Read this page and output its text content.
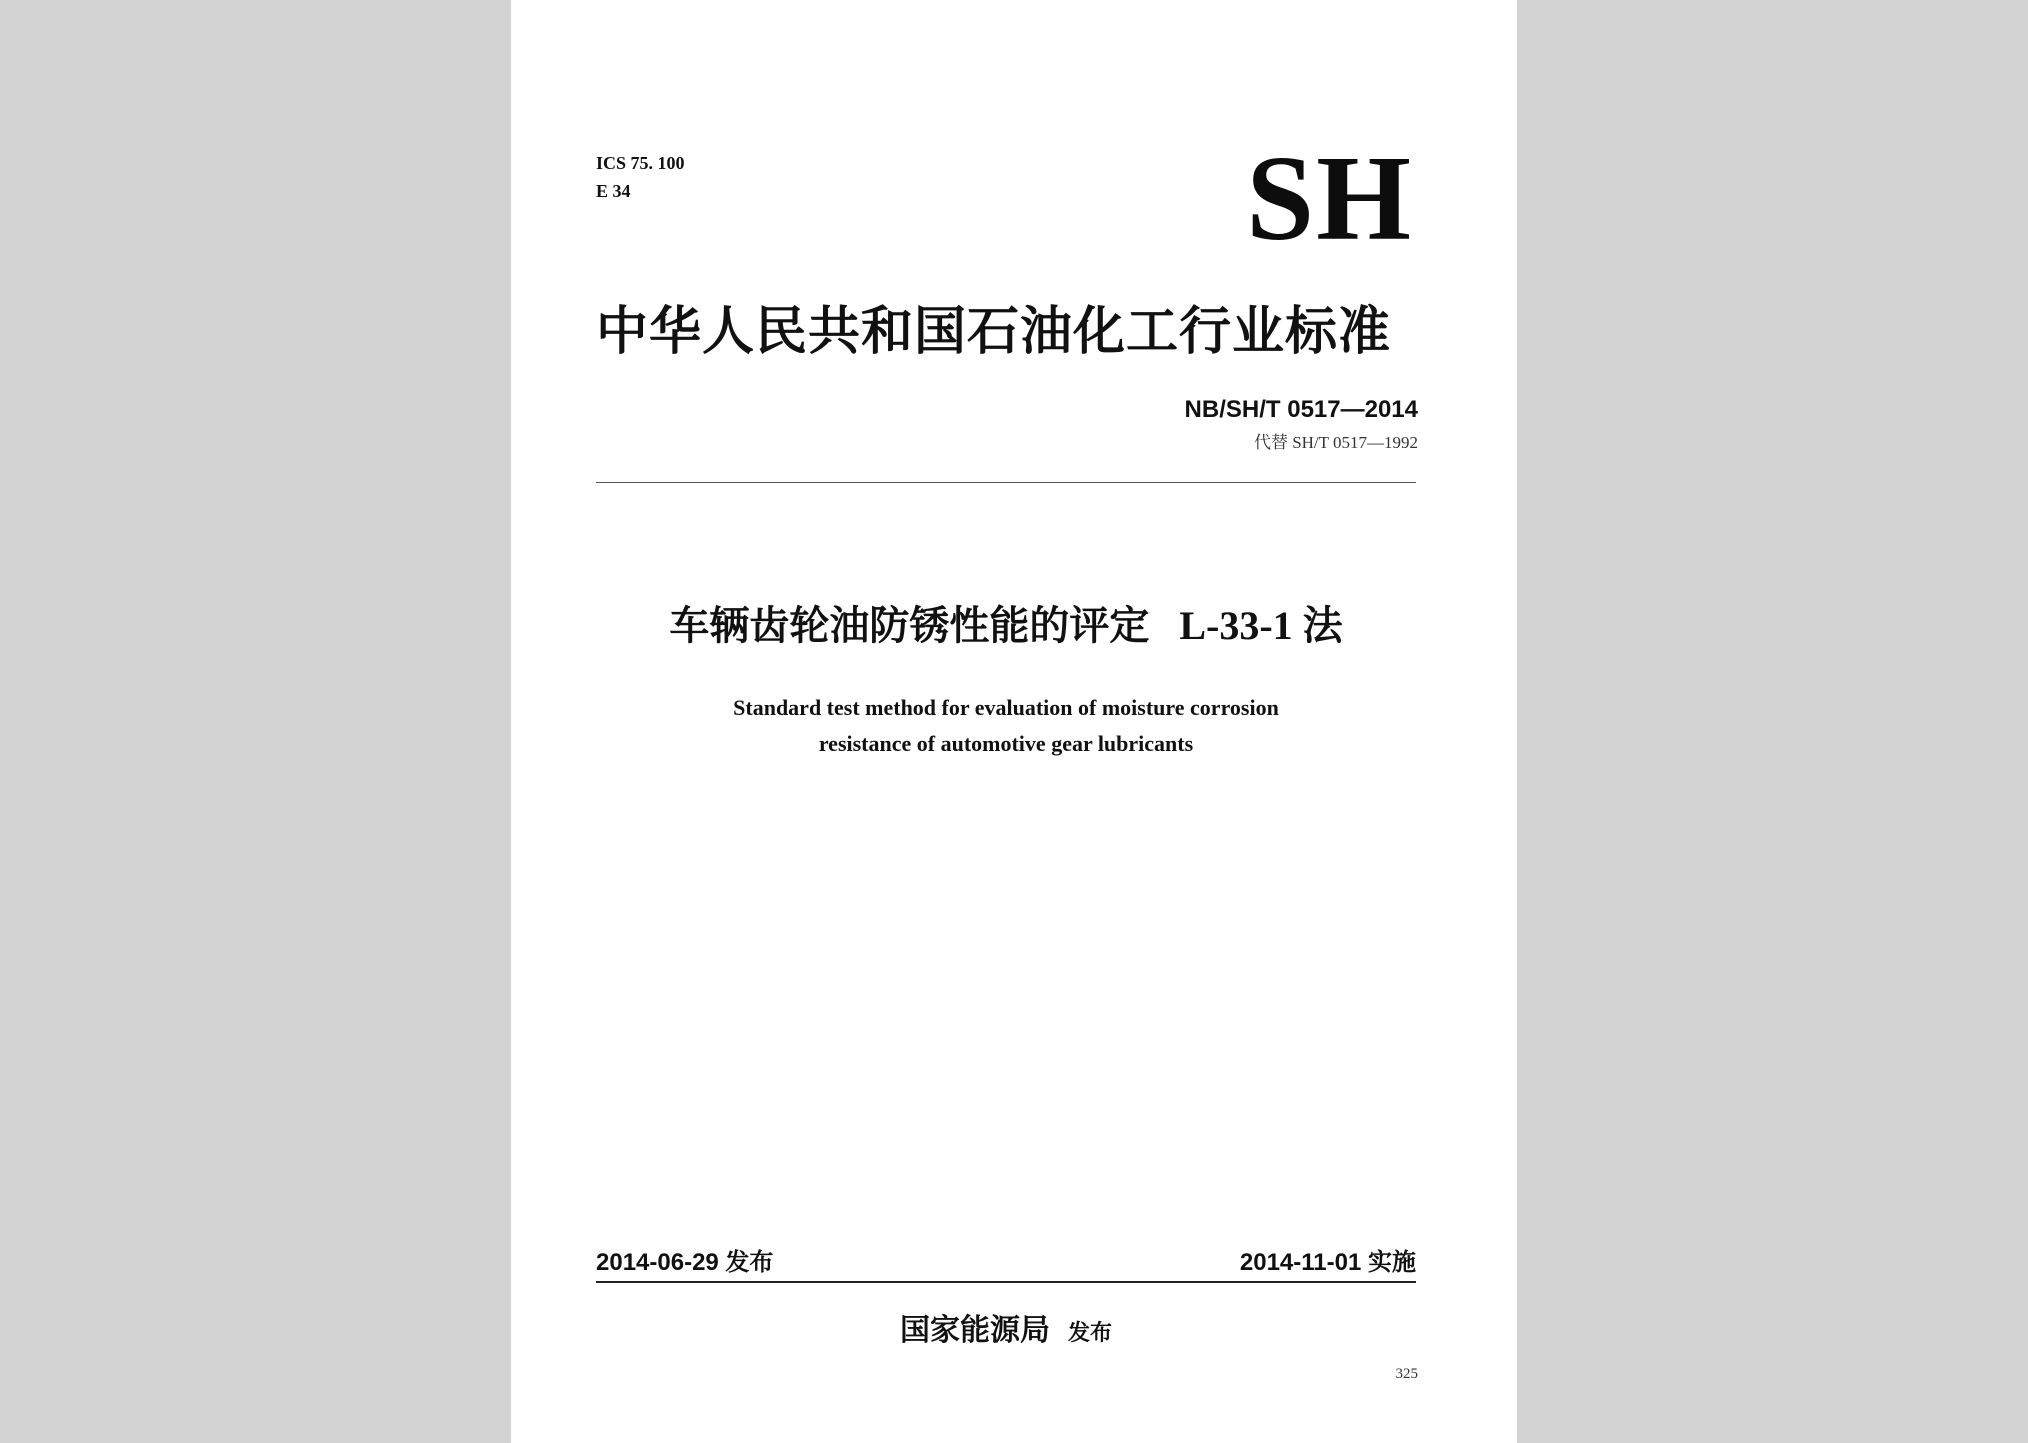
ICS 75. 100
E 34	SH
中华人民共和国石油化工行业标准
NB/SH/T 0517—2014
代替 SH/T 0517—1992
车辆齿轮油防锈性能的评定 L-33-1 法
Standard test method for evaluation of moisture corrosion
resistance of automotive gear lubricants
2014-06-29 发布	2014-11-01 实施
国家能源局 发布
325
